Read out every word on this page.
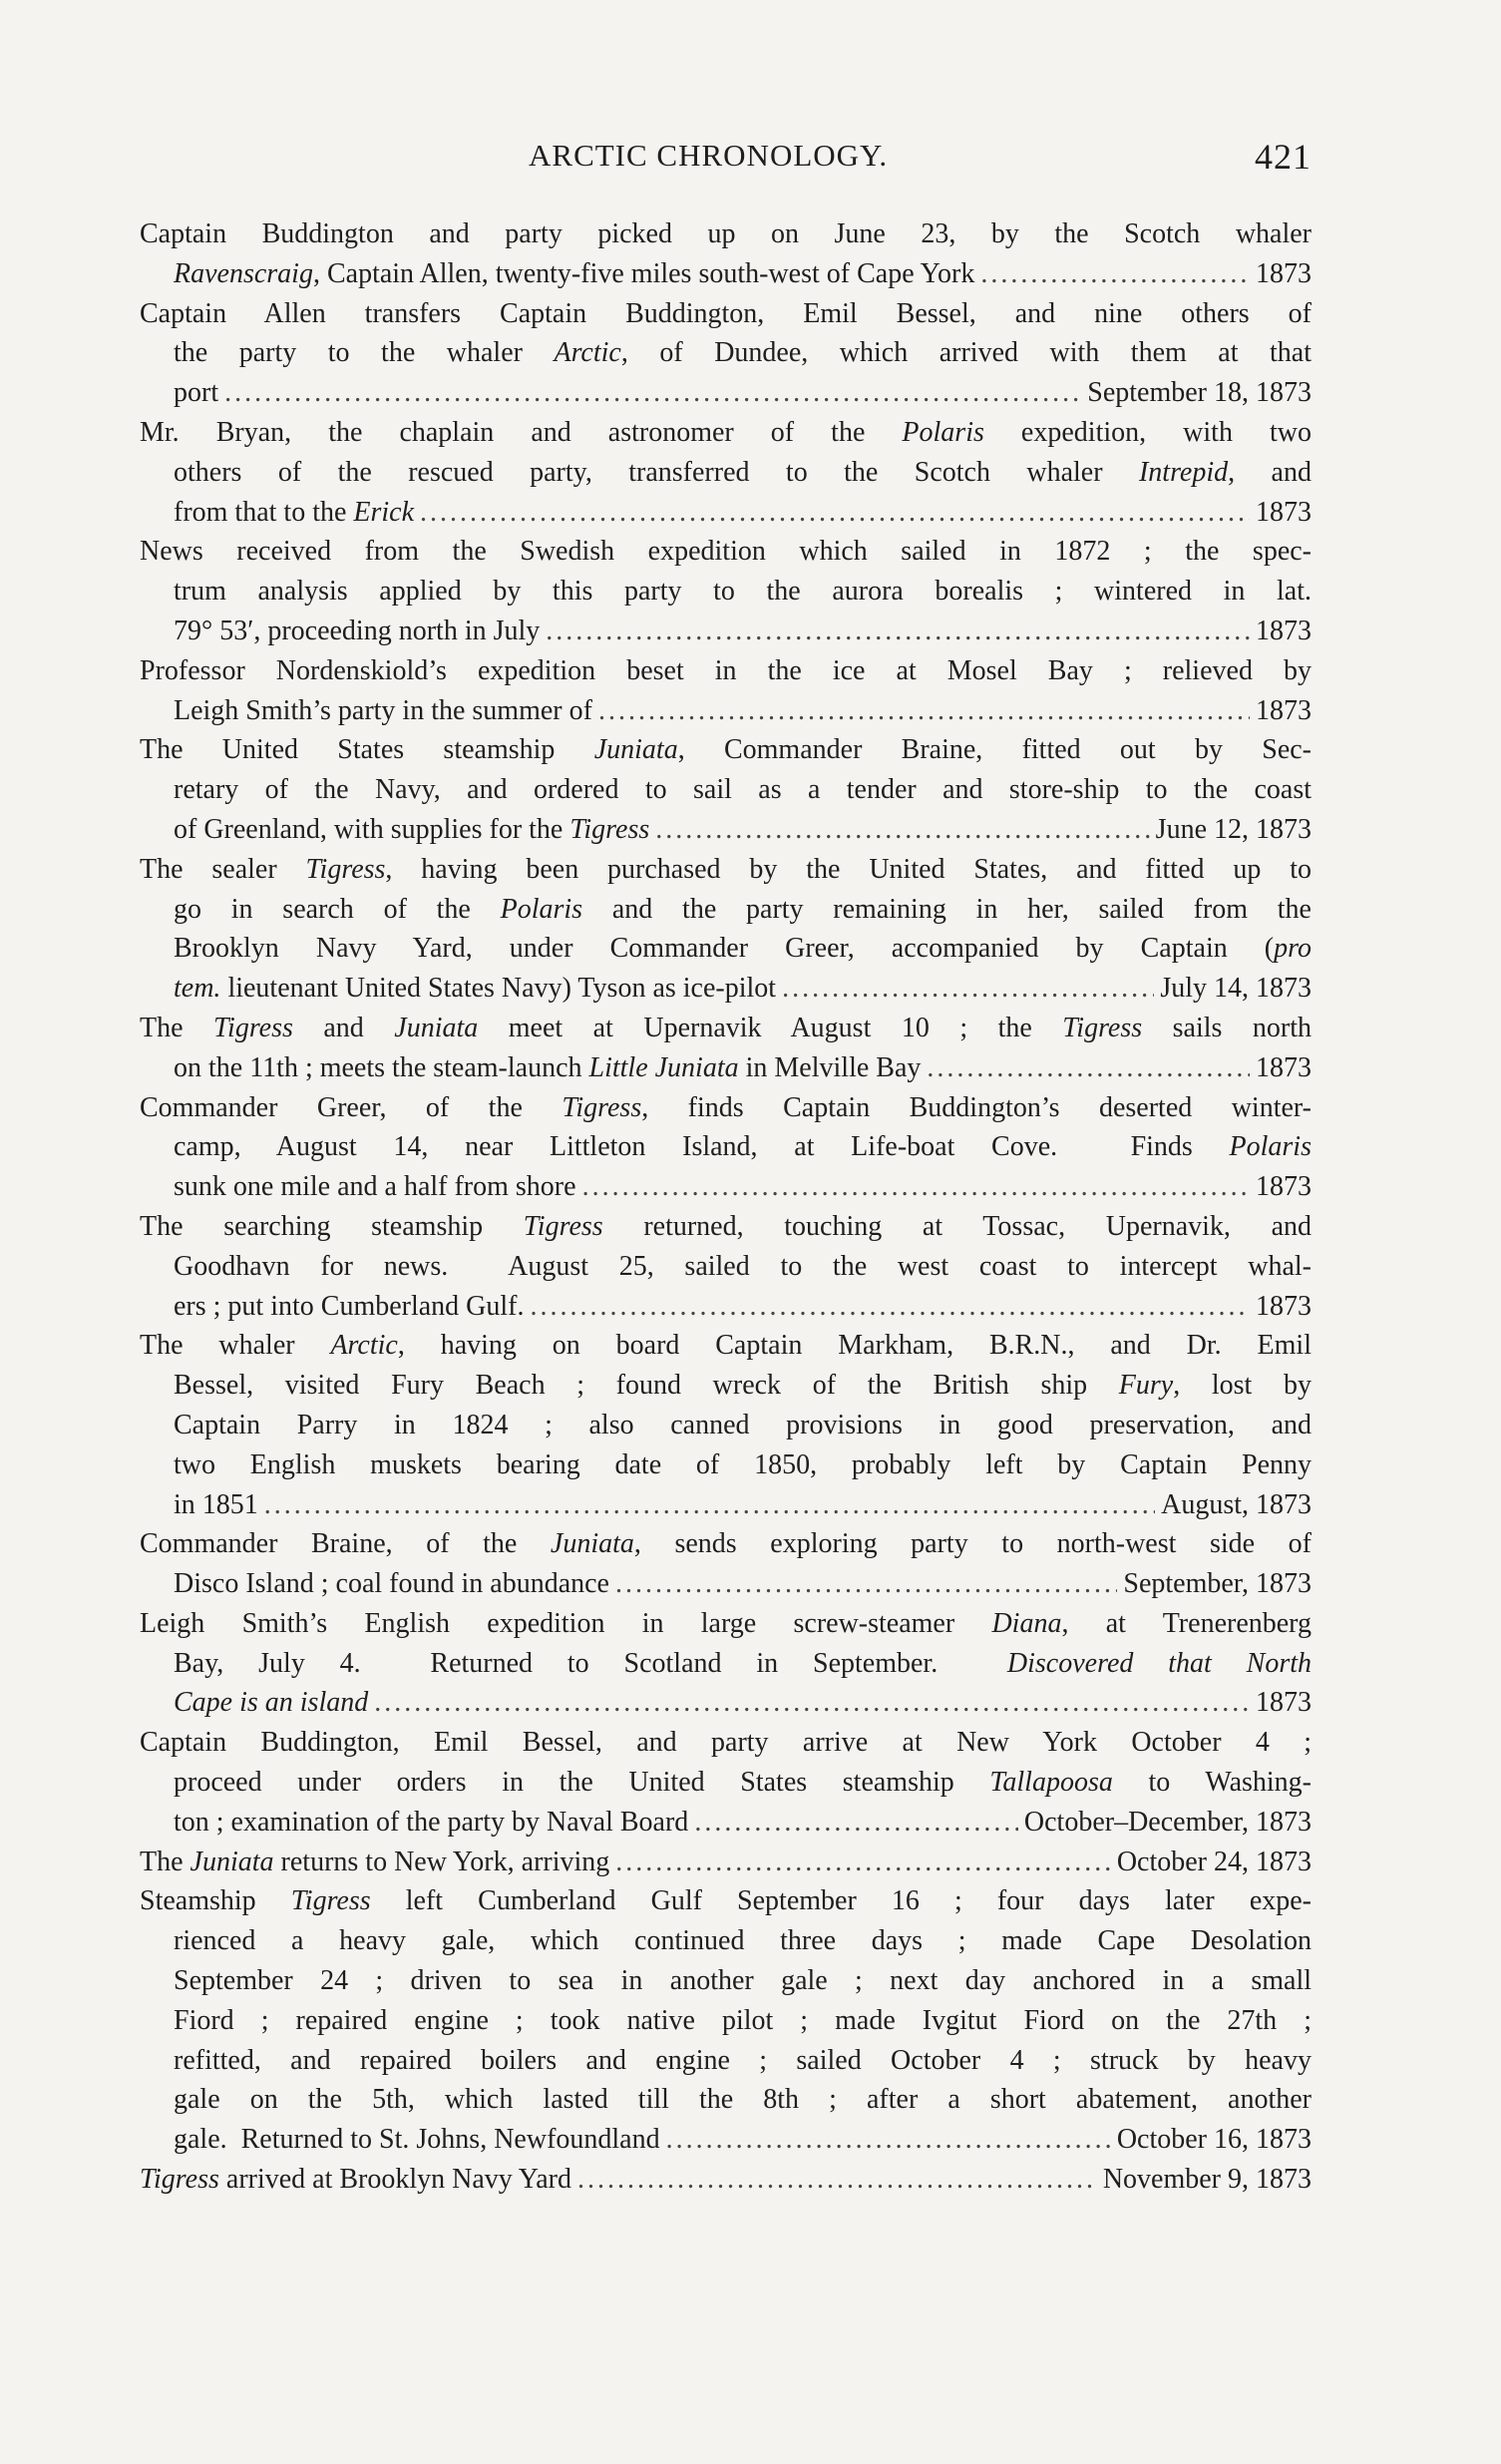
ARCTIC CHRONOLOGY.	421
Captain Buddington and party picked up on June 23, by the Scotch whaler
Ravenscraig , Captain Allen, twenty-five miles south-west of Cape York .....	1873
Captain Allen transfers Captain Buddington, Emil Bessel, and nine others of
the party to the whaler Arctic, of Dundee, which arrived with them at that
port .....	September 18, 1873
Mr. Bryan, the chaplain and astronomer of the Polaris expedition, with two
others of the rescued party, transferred to the Scotch whaler Intrepid, and
from that to the Erick .....	1873
News received from the Swedish expedition which sailed in 1872 ; the spec-
trum analysis applied by this party to the aurora borealis ; wintered in lat.
79° 53′, proceeding north in July .....	1873
Professor Nordenskiold’s expedition beset in the ice at Mosel Bay ; relieved by
Leigh Smith’s party in the summer of .....	1873
The United States steamship Juniata, Commander Braine, fitted out by Sec-
retary of the Navy, and ordered to sail as a tender and store-ship to the coast
of Greenland, with supplies for the Tigress .....	June 12, 1873
The sealer Tigress, having been purchased by the United States, and fitted up to
go in search of the Polaris and the party remaining in her, sailed from the
Brooklyn Navy Yard, under Commander Greer, accompanied by Captain (pro
tem. lieutenant United States Navy) Tyson as ice-pilot .....	July 14, 1873
The Tigress and Juniata meet at Upernavik August 10 ; the Tigress sails north
on the 11th ; meets the steam-launch Little Juniata in Melville Bay .....	1873
Commander Greer, of the Tigress, finds Captain Buddington’s deserted winter-
camp, August 14, near Littleton Island, at Life-boat Cove.  Finds Polaris
sunk one mile and a half from shore .....	1873
The searching steamship Tigress returned, touching at Tossac, Upernavik, and
Goodhavn for news.  August 25, sailed to the west coast to intercept whal-
ers ; put into Cumberland Gulf. .....	1873
The whaler Arctic, having on board Captain Markham, B.R.N., and Dr. Emil
Bessel, visited Fury Beach ; found wreck of the British ship Fury, lost by
Captain Parry in 1824 ; also canned provisions in good preservation, and
two English muskets bearing date of 1850, probably left by Captain Penny
in 1851 .....	August, 1873
Commander Braine, of the Juniata, sends exploring party to north-west side of
Disco Island ; coal found in abundance .....	September, 1873
Leigh Smith’s English expedition in large screw-steamer Diana, at Trenerenberg
Bay, July 4.  Returned to Scotland in September.  Discovered that North
Cape is an island .....	1873
Captain Buddington, Emil Bessel, and party arrive at New York October 4 ;
proceed under orders in the United States steamship Tallapoosa to Washing-
ton ; examination of the party by Naval Board .....	October–December, 1873
The Juniata returns to New York, arriving .....	October 24, 1873
Steamship Tigress left Cumberland Gulf September 16 ; four days later expe-
rienced a heavy gale, which continued three days ; made Cape Desolation
September 24 ; driven to sea in another gale ; next day anchored in a small
Fiord ; repaired engine ; took native pilot ; made Ivgitut Fiord on the 27th ;
refitted, and repaired boilers and engine ; sailed October 4 ; struck by heavy
gale on the 5th, which lasted till the 8th ; after a short abatement, another
gale.  Returned to St. Johns, Newfoundland .....	October 16, 1873
Tigress arrived at Brooklyn Navy Yard .....	November 9, 1873
